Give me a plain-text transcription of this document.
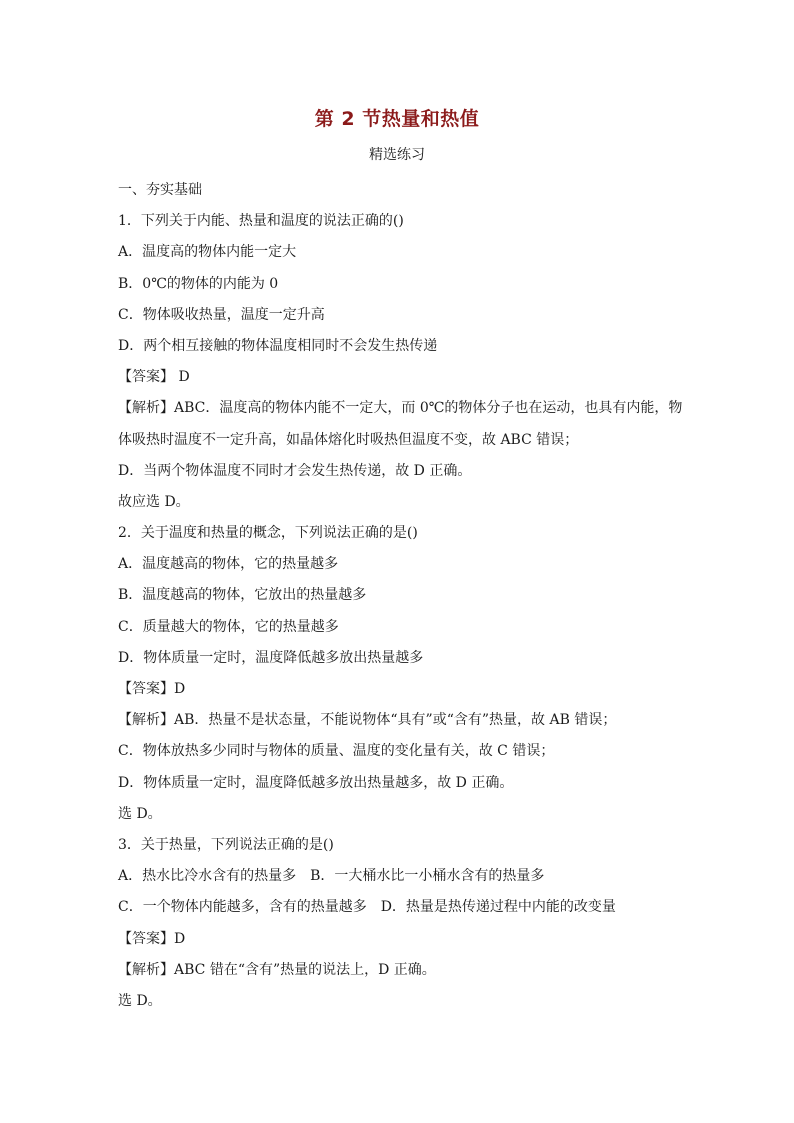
第 2 节热量和热值
精选练习
一、夯实基础
1．下列关于内能、热量和温度的说法正确的()
A．温度高的物体内能一定大
B．0℃的物体的内能为 0
C．物体吸收热量，温度一定升高
D．两个相互接触的物体温度相同时不会发生热传递
【答案】 D
【解析】ABC．温度高的物体内能不一定大，而 0℃的物体分子也在运动，也具有内能，物
体吸热时温度不一定升高，如晶体熔化时吸热但温度不变，故 ABC 错误；
D．当两个物体温度不同时才会发生热传递，故 D 正确。
故应选 D。
2．关于温度和热量的概念，下列说法正确的是()
A．温度越高的物体，它的热量越多
B．温度越高的物体，它放出的热量越多
C．质量越大的物体，它的热量越多
D．物体质量一定时，温度降低越多放出热量越多
【答案】D
【解析】AB．热量不是状态量，不能说物体“具有”或“含有”热量，故 AB 错误；
C．物体放热多少同时与物体的质量、温度的变化量有关，故 C 错误；
D．物体质量一定时，温度降低越多放出热量越多，故 D 正确。
选 D。
3．关于热量，下列说法正确的是()
A．热水比冷水含有的热量多　B．一大桶水比一小桶水含有的热量多
C．一个物体内能越多，含有的热量越多　D．热量是热传递过程中内能的改变量
【答案】D
【解析】ABC 错在“含有”热量的说法上，D 正确。
选 D。
